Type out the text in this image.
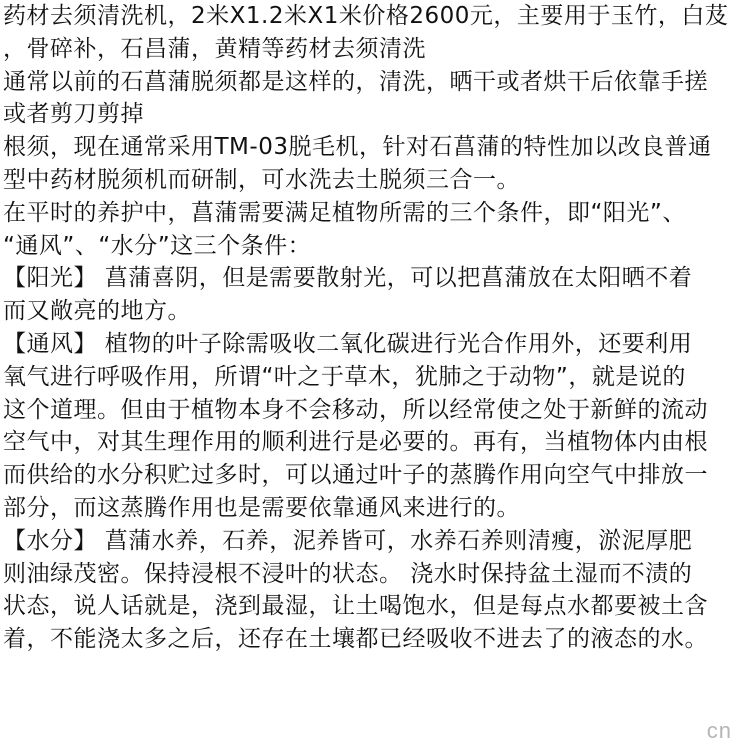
药材去须清洗机，2米X1.2米X1米价格2600元，主要用于玉竹，白芨
，骨碎补，石昌蒲，黄精等药材去须清洗
通常以前的石菖蒲脱须都是这样的，清洗，晒干或者烘干后依靠手搓
或者剪刀剪掉
根须，现在通常采用TM-03脱毛机，针对石菖蒲的特性加以改良普通
型中药材脱须机而研制，可水洗去土脱须三合一。
在平时的养护中，菖蒲需要满足植物所需的三个条件，即“阳光”、
“通风”、“水分”这三个条件：
【阳光】 菖蒲喜阴，但是需要散射光，可以把菖蒲放在太阳晒不着
而又敞亮的地方。
【通风】 植物的叶子除需吸收二氧化碳进行光合作用外，还要利用
氧气进行呼吸作用，所谓“叶之于草木，犹肺之于动物”，就是说的
这个道理。但由于植物本身不会移动，所以经常使之处于新鲜的流动
空气中，对其生理作用的顺利进行是必要的。再有，当植物体内由根
而供给的水分积贮过多时，可以通过叶子的蒸腾作用向空气中排放一
部分，而这蒸腾作用也是需要依靠通风来进行的。
【水分】 菖蒲水养，石养，泥养皆可，水养石养则清瘦，淤泥厚肥
则油绿茂密。保持浸根不浸叶的状态。 浇水时保持盆土湿而不渍的
状态，说人话就是，浇到最湿，让土喝饱水，但是每点水都要被土含
着，不能浇太多之后，还存在土壤都已经吸收不进去了的液态的水。
cn
